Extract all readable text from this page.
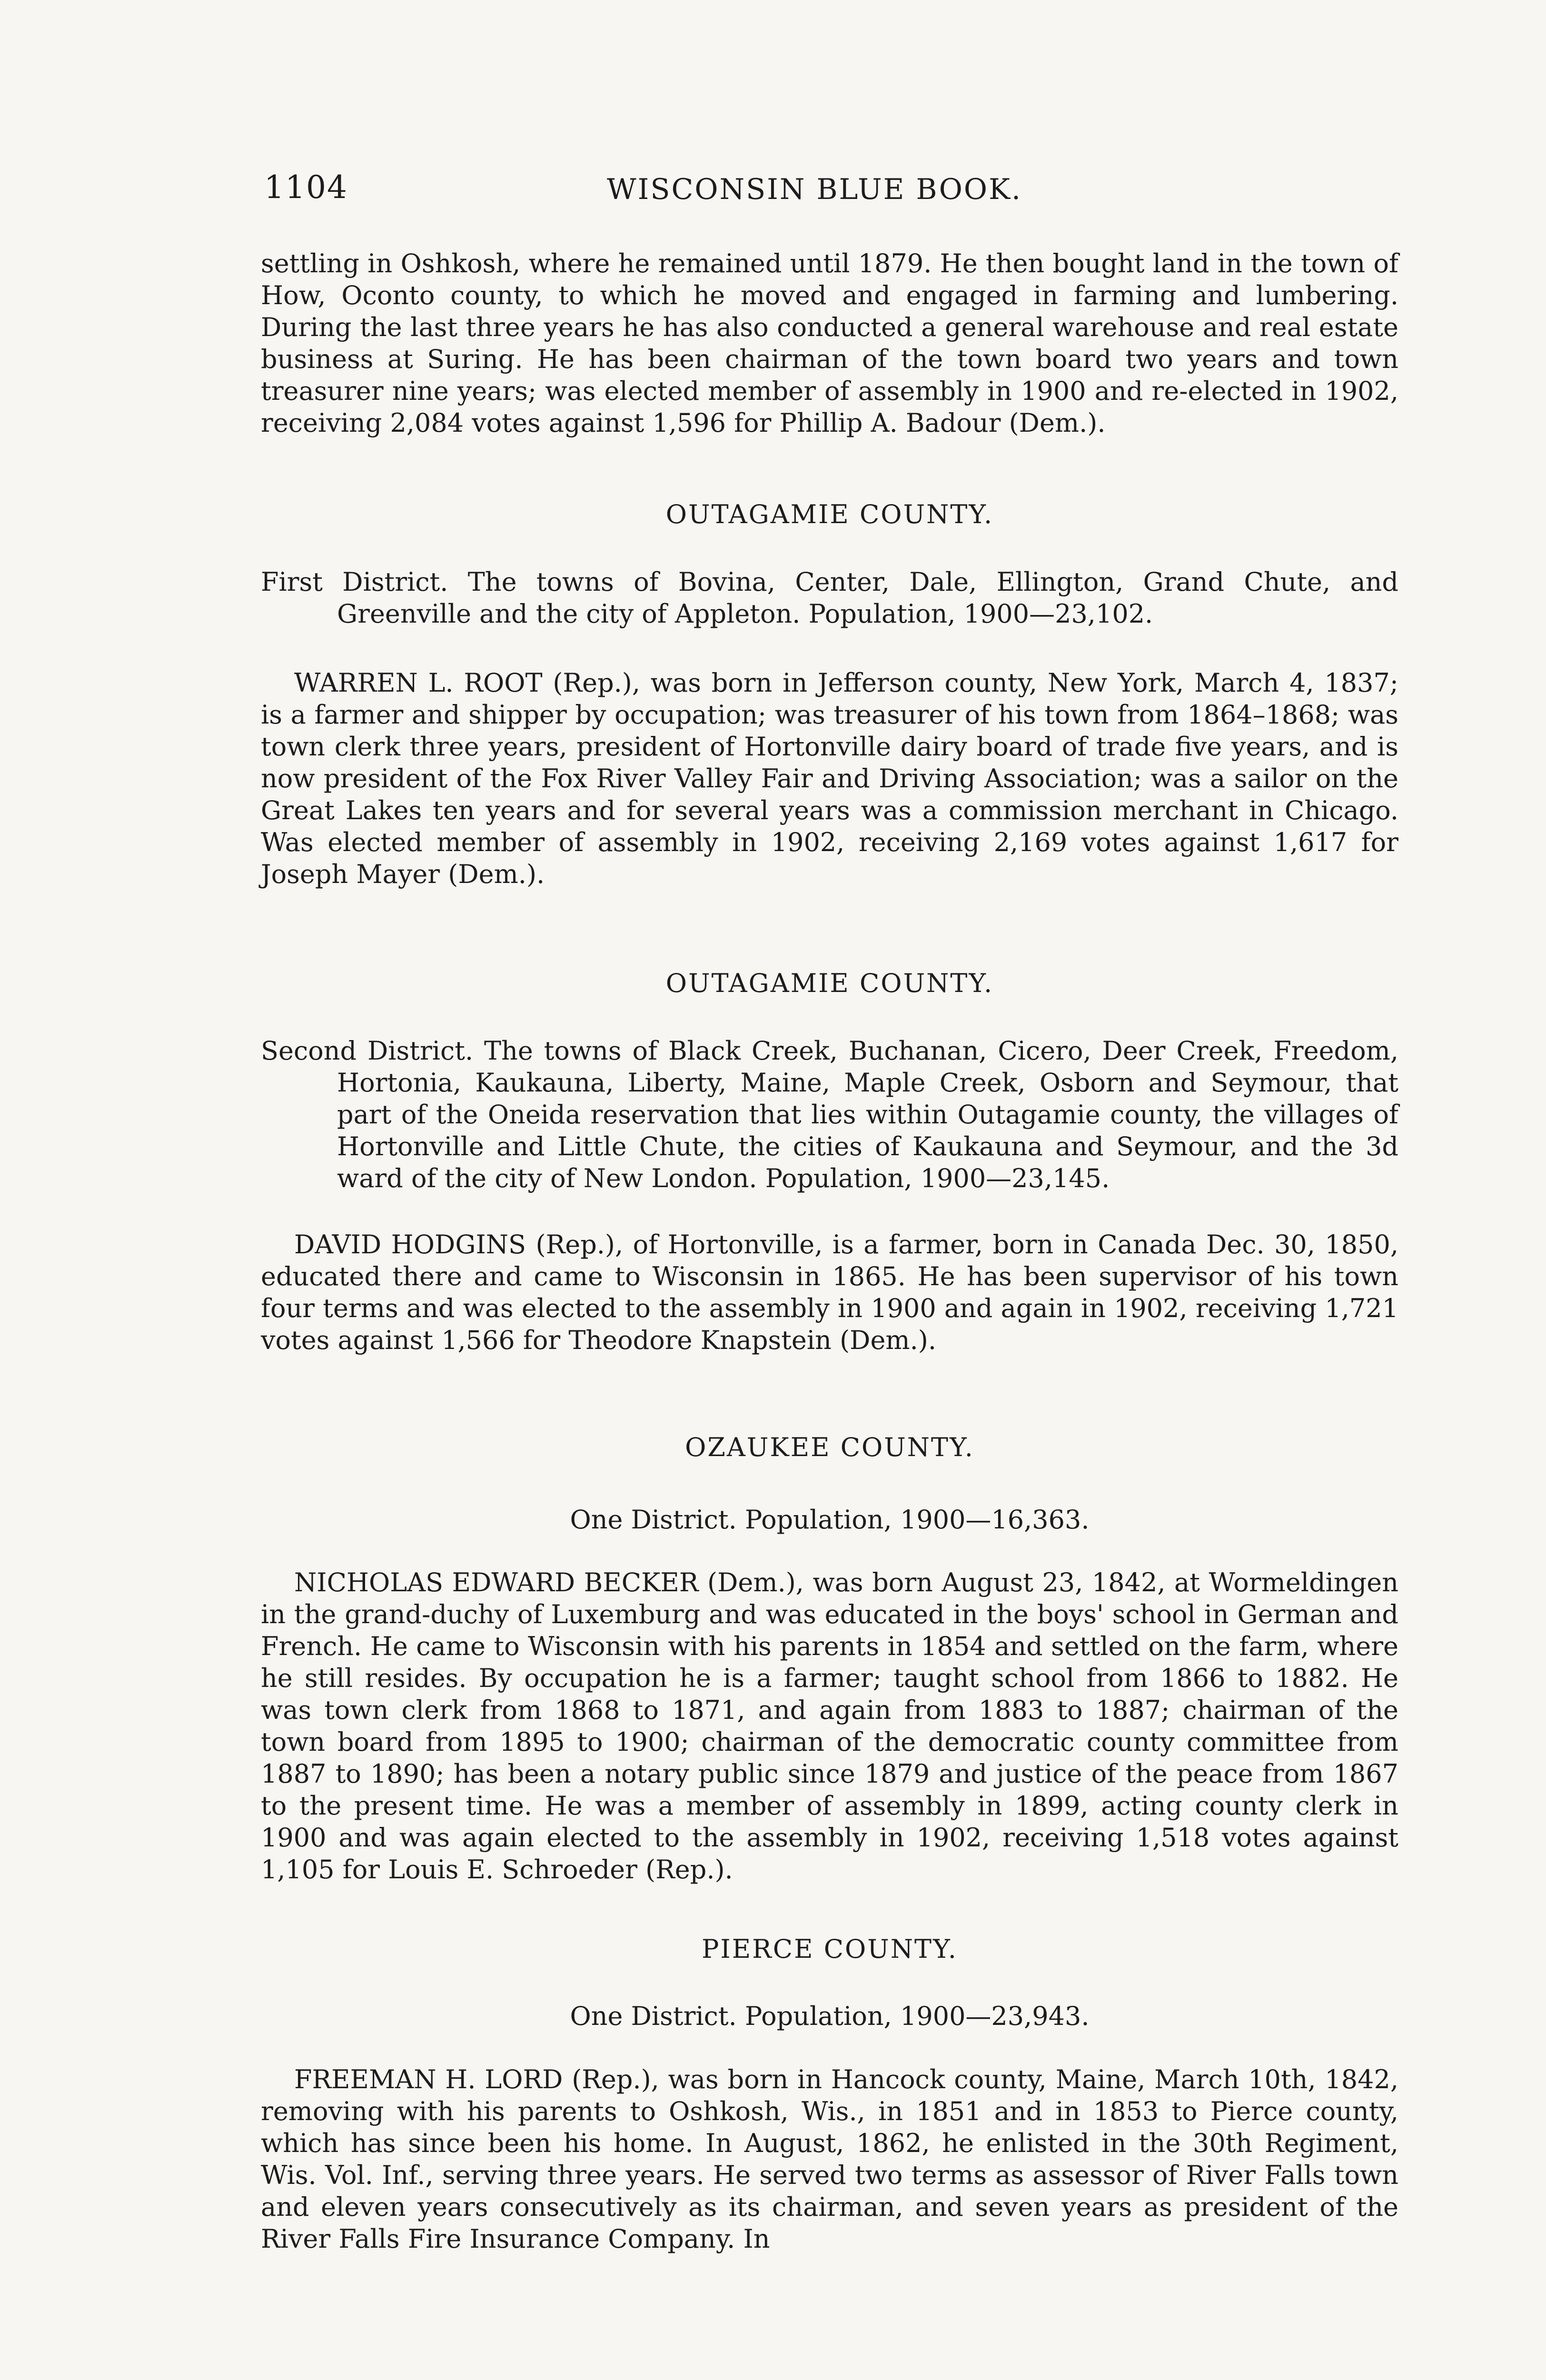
1104	WISCONSIN BLUE BOOK.

settling in Oshkosh, where he remained until 1879. He then bought land in the town of How, Oconto county, to which he moved and engaged in farming and lumbering. During the last three years he has also conducted a general warehouse and real estate business at Suring. He has been chairman of the town board two years and town treasurer nine years; was elected member of assembly in 1900 and re-elected in 1902, receiving 2,084 votes against 1,596 for Phillip A. Badour (Dem.).

OUTAGAMIE COUNTY.

First District. The towns of Bovina, Center, Dale, Ellington, Grand Chute, and Greenville and the city of Appleton. Population, 1900—23,102.

WARREN L. ROOT (Rep.), was born in Jefferson county, New York, March 4, 1837; is a farmer and shipper by occupation; was treasurer of his town from 1864–1868; was town clerk three years, president of Hortonville dairy board of trade five years, and is now president of the Fox River Valley Fair and Driving Association; was a sailor on the Great Lakes ten years and for several years was a commission merchant in Chicago. Was elected member of assembly in 1902, receiving 2,169 votes against 1,617 for Joseph Mayer (Dem.).

OUTAGAMIE COUNTY.

Second District. The towns of Black Creek, Buchanan, Cicero, Deer Creek, Freedom, Hortonia, Kaukauna, Liberty, Maine, Maple Creek, Osborn and Seymour, that part of the Oneida reservation that lies within Outagamie county, the villages of Hortonville and Little Chute, the cities of Kaukauna and Seymour, and the 3d ward of the city of New London. Population, 1900—23,145.

DAVID HODGINS (Rep.), of Hortonville, is a farmer, born in Canada Dec. 30, 1850, educated there and came to Wisconsin in 1865. He has been supervisor of his town four terms and was elected to the assembly in 1900 and again in 1902, receiving 1,721 votes against 1,566 for Theodore Knapstein (Dem.).

OZAUKEE COUNTY.

One District. Population, 1900—16,363.

NICHOLAS EDWARD BECKER (Dem.), was born August 23, 1842, at Wormeldingen in the grand-duchy of Luxemburg and was educated in the boys' school in German and French. He came to Wisconsin with his parents in 1854 and settled on the farm, where he still resides. By occupation he is a farmer; taught school from 1866 to 1882. He was town clerk from 1868 to 1871, and again from 1883 to 1887; chairman of the town board from 1895 to 1900; chairman of the democratic county committee from 1887 to 1890; has been a notary public since 1879 and justice of the peace from 1867 to the present time. He was a member of assembly in 1899, acting county clerk in 1900 and was again elected to the assembly in 1902, receiving 1,518 votes against 1,105 for Louis E. Schroeder (Rep.).

PIERCE COUNTY.

One District. Population, 1900—23,943.

FREEMAN H. LORD (Rep.), was born in Hancock county, Maine, March 10th, 1842, removing with his parents to Oshkosh, Wis., in 1851 and in 1853 to Pierce county, which has since been his home. In August, 1862, he enlisted in the 30th Regiment, Wis. Vol. Inf., serving three years. He served two terms as assessor of River Falls town and eleven years consecutively as its chairman, and seven years as president of the River Falls Fire Insurance Company. In
